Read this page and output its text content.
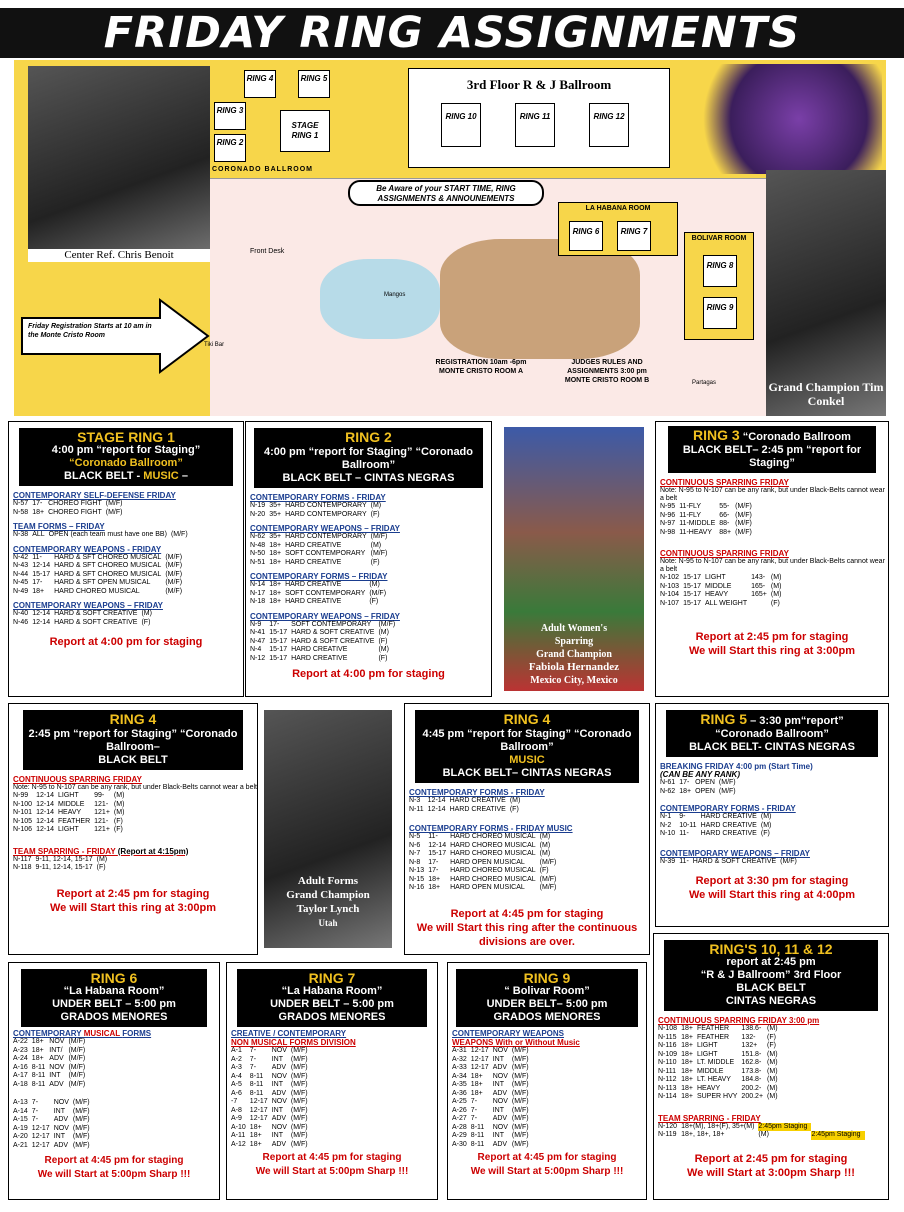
FRIDAY RING ASSIGNMENTS
Center Ref. Chris Benoit
RING 4	RING 5
RING 3
RING 2
STAGE RING 1
CORONADO BALLROOM
3rd Floor R & J Ballroom
RING 10	RING 11	RING 12
Be Aware of your START TIME, RING ASSIGNMENTS & ANNOUNEMENTS
LA HABANA ROOM
RING 6	RING 7
BOLIVAR ROOM
RING 8
RING 9
Grand Champion Tim Conkel
Front Desk
Friday Registration Starts at 10 am in the Monte Cristo Room
Tiki Bar
Mangos
Partagas
REGISTRATION 10am -6pm MONTE CRISTO ROOM A
JUDGES RULES AND ASSIGNMENTS 3:00 pm MONTE CRISTO ROOM B
STAGE RING 1
4:00 pm “report for Staging”
“Coronado Ballroom”
BLACK BELT - MUSIC –
CONTEMPORARY SELF-DEFENSE FRIDAY
N-57	17-	CHOREO FIGHT	(M/F)
N-58	18+	CHOREO FIGHT	(M/F)
TEAM FORMS – FRIDAY
N-38	ALL	OPEN (each team must have one BB)	(M/F)
CONTEMPORARY WEAPONS - FRIDAY
N-42	11-	HARD & SFT CHOREO MUSICAL	(M/F)
N-43	12-14	HARD & SFT CHOREO MUSICAL	(M/F)
N-44	15-17	HARD & SFT CHOREO MUSICAL	(M/F)
N-45	17-	HARD & SFT OPEN MUSICAL	(M/F)
N-49	18+	HARD CHOREO MUSICAL	(M/F)
CONTEMPORARY WEAPONS – FRIDAY
N-40	12-14	HARD & SOFT CREATIVE	(M)
N-46	12-14	HARD & SOFT CREATIVE	(F)
Report at 4:00 pm for staging
RING 2
4:00 pm “report for Staging” “Coronado Ballroom”
BLACK BELT – CINTAS NEGRAS
CONTEMPORARY FORMS - FRIDAY
N-19	35+	HARD CONTEMPORARY	(M)
N-20	35+	HARD CONTEMPORARY	(F)
CONTEMPORARY WEAPONS – FRIDAY
N-62	35+	HARD CONTEMPORARY	(M/F)
N-48	18+	HARD CREATIVE	(M)
N-50	18+	SOFT CONTEMPORARY	(M/F)
N-51	18+	HARD CREATIVE	(F)
CONTEMPORARY FORMS – FRIDAY
N-14	18+	HARD CREATIVE	(M)
N-17	18+	SOFT CONTEMPORARY	(M/F)
N-18	18+	HARD CREATIVE	(F)
CONTEMPORARY WEAPONS – FRIDAY
N-9	17-	SOFT CONTEMPORARY	(M/F)
N-41	15-17	HARD & SOFT CREATIVE	(M)
N-47	15-17	HARD & SOFT CREATIVE	(F)
N-4	15-17	HARD CREATIVE	(M)
N-12	15-17	HARD CREATIVE	(F)
Report at 4:00 pm for staging
Adult Women's
Sparring
Grand Champion
Fabiola Hernandez
Mexico City, Mexico
RING 3 “Coronado Ballroom
BLACK BELT– 2:45 pm “report for Staging”
CONTINUOUS SPARRING FRIDAY
Note: N-95 to N-107 can be any rank, but under Black-Belts cannot wear a belt
N-95	11-FLY	55-	(M/F)
N-96	11-FLY	66-	(M/F)
N-97	11-MIDDLE	88-	(M/F)
N-98	11-HEAVY	88+	(M/F)
CONTINUOUS SPARRING FRIDAY
Note: N-95 to N-107 can be any rank, but under Black-Belts cannot wear a belt
N-102	15-17	LIGHT	143-	(M)
N-103	15-17	MIDDLE	165-	(M)
N-104	15-17	HEAVY	165+	(M)
N-107	15-17	ALL WEIGHT		(F)
Report at 2:45 pm for staging
We will Start this ring at 3:00pm
RING 4
2:45 pm “report for Staging” “Coronado Ballroom–
BLACK BELT
CONTINUOUS SPARRING FRIDAY
Note: N-95 to N-107 can be any rank, but under Black-Belts cannot wear a belt
N-99	12-14	LIGHT	99-	(M)
N-100	12-14	MIDDLE	121-	(M)
N-101	12-14	HEAVY	121+	(M)
N-105	12-14	FEATHER	121-	(F)
N-106	12-14	LIGHT	121+	(F)
TEAM SPARRING - FRIDAY (Report at 4:15pm)
N-117	9-11, 12-14, 15-17	(M)
N-118	9-11, 12-14, 15-17	(F)
Report at 2:45 pm for staging
We will Start this ring at 3:00pm
Adult Forms
Grand Champion
Taylor Lynch
Utah
RING 4
4:45 pm “report for Staging” “Coronado Ballroom”
MUSIC
BLACK BELT– CINTAS NEGRAS
CONTEMPORARY FORMS - FRIDAY
N-3	12-14	HARD CREATIVE	(M)
N-11	12-14	HARD CREATIVE	(F)
CONTEMPORARY FORMS - FRIDAY MUSIC
N-5	11-	HARD CHOREO MUSICAL	(M)
N-6	12-14	HARD CHOREO MUSICAL	(M)
N-7	15-17	HARD CHOREO MUSICAL	(M)
N-8	17-	HARD OPEN MUSICAL	(M/F)
N-13	17-	HARD CHOREO MUSICAL	(F)
N-15	18+	HARD CHOREO MUSICAL	(M/F)
N-16	18+	HARD OPEN MUSICAL	(M/F)
Report at 4:45 pm for staging
We will Start this ring after the continuous divisions are over.
RING 5 – 3:30 pm“report”
“Coronado Ballroom”
BLACK BELT- CINTAS NEGRAS
BREAKING FRIDAY 4:00 pm (Start Time)
(CAN BE ANY RANK)
N-61	17-	OPEN	(M/F)
N-62	18+	OPEN	(M/F)
CONTEMPORARY FORMS - FRIDAY
N-1	9-	HARD CREATIVE	(M)
N-2	10-11	HARD CREATIVE	(M)
N-10	11-	HARD CREATIVE	(F)
CONTEMPORARY WEAPONS – FRIDAY
N-39	11-	HARD & SOFT CREATIVE	(M/F)
Report at 3:30 pm for staging
We will Start this ring at 4:00pm
RING'S 10, 11 & 12
report at 2:45 pm
“R & J Ballroom” 3rd Floor
BLACK BELT
CINTAS NEGRAS
CONTINUOUS SPARRING FRIDAY 3:00 pm
N-108	18+	FEATHER	138.6-	(M)
N-115	18+	FEATHER	132-	(F)
N-116	18+	LIGHT	132+	(F)
N-109	18+	LIGHT	151.8-	(M)
N-110	18+	LT. MIDDLE	162.8-	(M)
N-111	18+	MIDDLE	173.8-	(M)
N-112	18+	LT. HEAVY	184.8-	(M)
N-113	18+	HEAVY	200.2-	(M)
N-114	18+	SUPER HVY	200.2+	(M)
TEAM SPARRING - FRIDAY
N-120	18+(M), 18+(F), 35+(M)	2:45pm Staging	
N-119	18+, 18+, 18+	(M)	2:45pm Staging
Report at 2:45 pm for staging
We will Start at 3:00pm Sharp !!!
RING 6
“La Habana Room”
UNDER BELT – 5:00 pm
GRADOS MENORES
CONTEMPORARY MUSICAL FORMS
A-22	18+	NOV	(M/F)
A-23	18+	INT/	(M/F)
A-24	18+	ADV	(M/F)
A-16	8-11	NOV	(M/F)
A-17	8-11	INT	(M/F)
A-18	8-11	ADV	(M/F)
A-13	7-	NOV	(M/F)
A-14	7-	INT	(M/F)
A-15	7-	ADV	(M/F)
A-19	12-17	NOV	(M/F)
A-20	12-17	INT	(M/F)
A-21	12-17	ADV	(M/F)
Report at 4:45 pm for staging
We will Start at 5:00pm Sharp !!!
RING 7
“La Habana Room”
UNDER BELT – 5:00 pm
GRADOS MENORES
CREATIVE / CONTEMPORARY
NON MUSICAL FORMS DIVISION
A-1	7-	NOV	(M/F)
A-2	7-	INT	(M/F)
A-3	7-	ADV	(M/F)
A-4	8-11	NOV	(M/F)
A-5	8-11	INT	(M/F)
A-6	8-11	ADV	(M/F)
-7	12-17	NOV	(M/F)
A-8	12-17	INT	(M/F)
A-9	12-17	ADV	(M/F)
A-10	18+	NOV	(M/F)
A-11	18+	INT	(M/F)
A-12	18+	ADV	(M/F)
Report at 4:45 pm for staging
We will Start at 5:00pm Sharp !!!
RING 9
“ Bolivar Room”
UNDER BELT– 5:00 pm
GRADOS MENORES
CONTEMPORARY WEAPONS
WEAPONS With or Without Music
A-31	12-17	NOV	(M/F)
A-32	12-17	INT	(M/F)
A-33	12-17	ADV	(M/F)
A-34	18+	NOV	(M/F)
A-35	18+	INT	(M/F)
A-36	18+	ADV	(M/F)
A-25	7-	NOV	(M/F)
A-26	7-	INT	(M/F)
A-27	7-	ADV	(M/F)
A-28	8-11	NOV	(M/F)
A-29	8-11	INT	(M/F)
A-30	8-11	ADV	(M/F)
Report at 4:45 pm for staging
We will Start at 5:00pm Sharp !!!
